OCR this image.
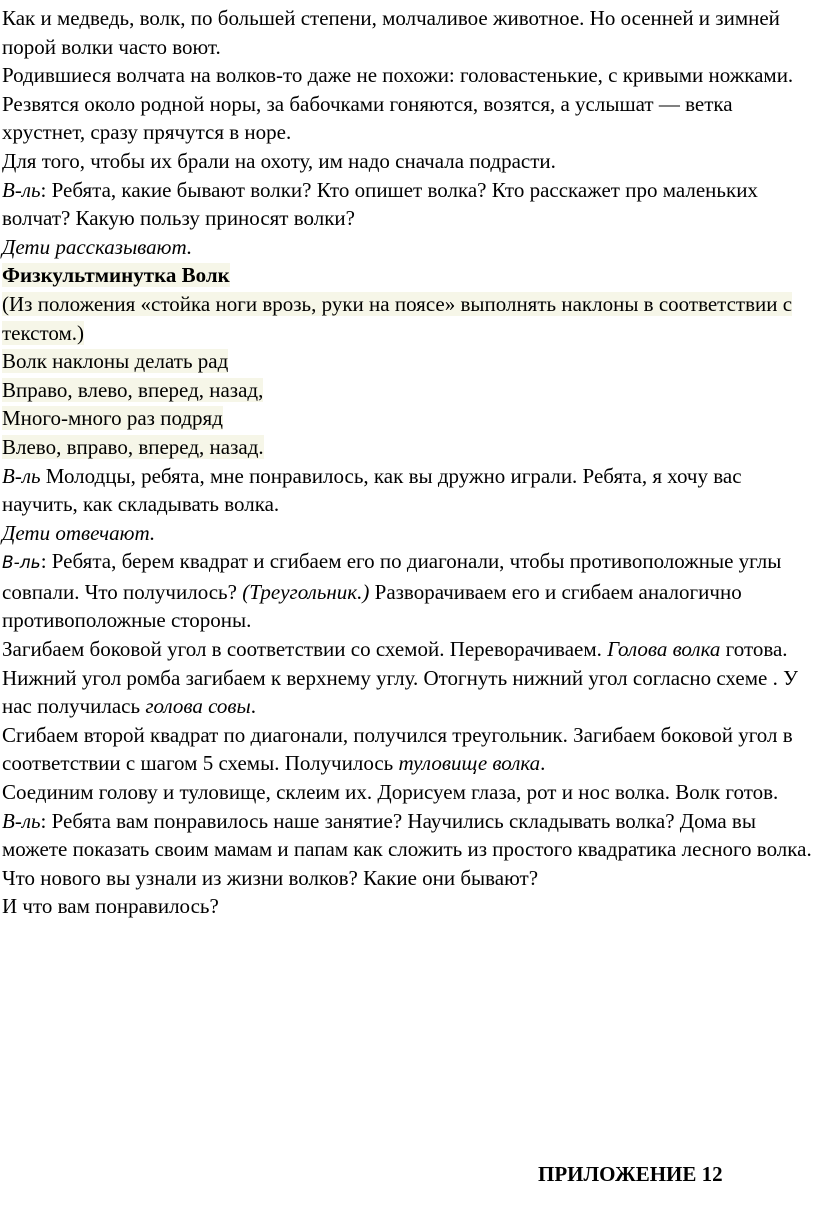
Как и медведь, волк, по большей степени, молчаливое животное. Но осенней и зимней порой волки часто воют.

Родившиеся волчата на волков-то даже не похожи: головастенькие, с кривыми ножками. Резвятся около родной норы, за бабочками гоняются, возятся, а услышат — ветка хрустнет, сразу прячутся в норе.

Для того, чтобы их брали на охоту, им надо сначала подрасти.

В-ль: Ребята, какие бывают волки? Кто опишет волка? Кто расскажет про маленьких волчат? Какую пользу приносят волки?

Дети рассказывают.

Физкультминутка Волк

(Из положения «стойка ноги врозь, руки на поясе» выполнять наклоны в соответствии с текстом.)

Волк наклоны делать рад

Вправо, влево, вперед, назад,

Много-много раз подряд

Влево, вправо, вперед, назад.

В-ль Молодцы, ребята, мне понравилось, как вы дружно играли. Ребята, я хочу вас научить, как складывать волка.

Дети отвечают.

В-ль: Ребята, берем квадрат и сгибаем его по диагонали, чтобы противоположные углы совпали. Что получилось? (Треугольник.) Разворачиваем его и сгибаем аналогично противоположные стороны.

Загибаем боковой угол в соответствии со схемой. Переворачиваем. Голова волка готова.

Нижний угол ромба загибаем к верхнему углу. Отогнуть нижний угол согласно схеме . У нас получилась голова совы.

Сгибаем второй квадрат по диагонали, получился треугольник. Загибаем боковой угол в соответствии с шагом 5 схемы. Получилось туловище волка.

Соединим голову и туловище, склеим их. Дорисуем глаза, рот и нос волка. Волк готов.

В-ль: Ребята вам понравилось наше занятие? Научились складывать волка? Дома вы можете показать своим мамам и папам как сложить из простого квадратика лесного волка. Что нового вы узнали из жизни волков? Какие они бывают?

И что вам понравилось?

ПРИЛОЖЕНИЕ 12
